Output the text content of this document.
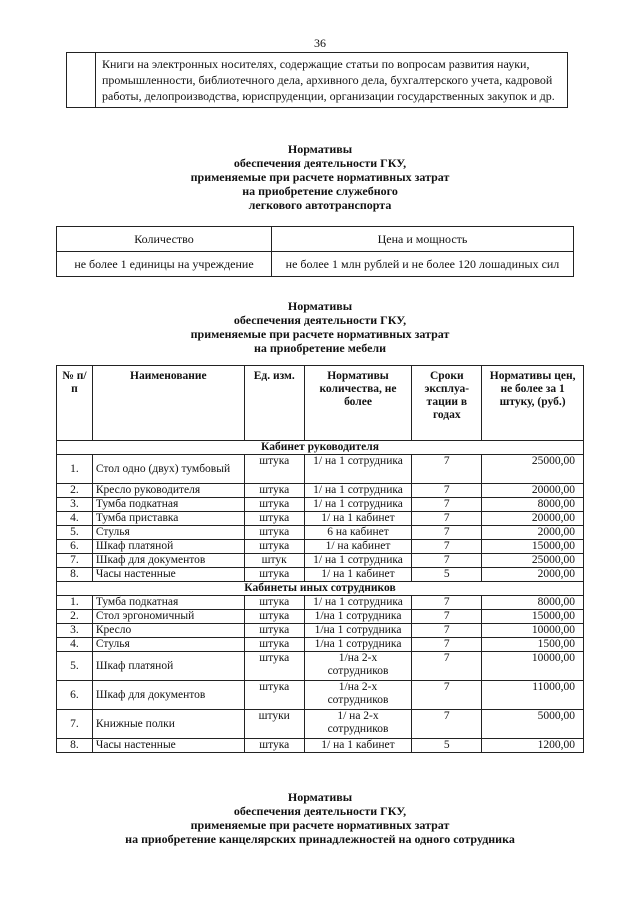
36
	Книги на электронных носителях, содержащие статьи по вопросам развития науки, промышленности, библиотечного дела, архивного дела, бухгалтерского учета, кадровой работы, делопроизводства, юриспруденции, организации государственных закупок и др.
Нормативы
обеспечения деятельности ГКУ,
применяемые при расчете нормативных затрат
на приобретение служебного
легкового автотранспорта
Количество	Цена и мощность
не более 1 единицы на учреждение	не более 1 млн рублей и не более 120 лошадиных сил
Нормативы
обеспечения деятельности ГКУ,
применяемые при расчете нормативных затрат
на приобретение мебели
№ п/п	Наименование	Ед. изм.	Нормативы количества, не более	Сроки эксплуа-тации в годах	Нормативы цен, не более за 1 штуку, (руб.)
Кабинет руководителя					
1.	Стол одно (двух) тумбовый	штука	1/ на 1 сотрудника	7	25000,00
2.	Кресло руководителя	штука	1/ на 1 сотрудника	7	20000,00
3.	Тумба подкатная	штука	1/ на 1 сотрудника	7	8000,00
4.	Тумба приставка	штука	1/ на 1 кабинет	7	20000,00
5.	Стулья	штука	6 на кабинет	7	2000,00
6.	Шкаф платяной	штука	1/ на кабинет	7	15000,00
7.	Шкаф для документов	штук	1/ на 1 сотрудника	7	25000,00
8.	Часы настенные	штука	1/ на 1 кабинет	5	2000,00
Кабинеты иных сотрудников					
1.	Тумба подкатная	штука	1/ на 1 сотрудника	7	8000,00
2.	Стол эргономичный	штука	1/на 1 сотрудника	7	15000,00
3.	Кресло	штука	1/на 1 сотрудника	7	10000,00
4.	Стулья	штука	1/на 1 сотрудника	7	1500,00
5.	Шкаф платяной	штука	1/на 2-х сотрудников	7	10000,00
6.	Шкаф для документов	штука	1/на 2-х сотрудников	7	11000,00
7.	Книжные полки	штуки	1/ на 2-х сотрудников	7	5000,00
8.	Часы настенные	штука	1/ на 1 кабинет	5	1200,00
Нормативы
обеспечения деятельности ГКУ,
применяемые при расчете нормативных затрат
на приобретение канцелярских принадлежностей на одного сотрудника
